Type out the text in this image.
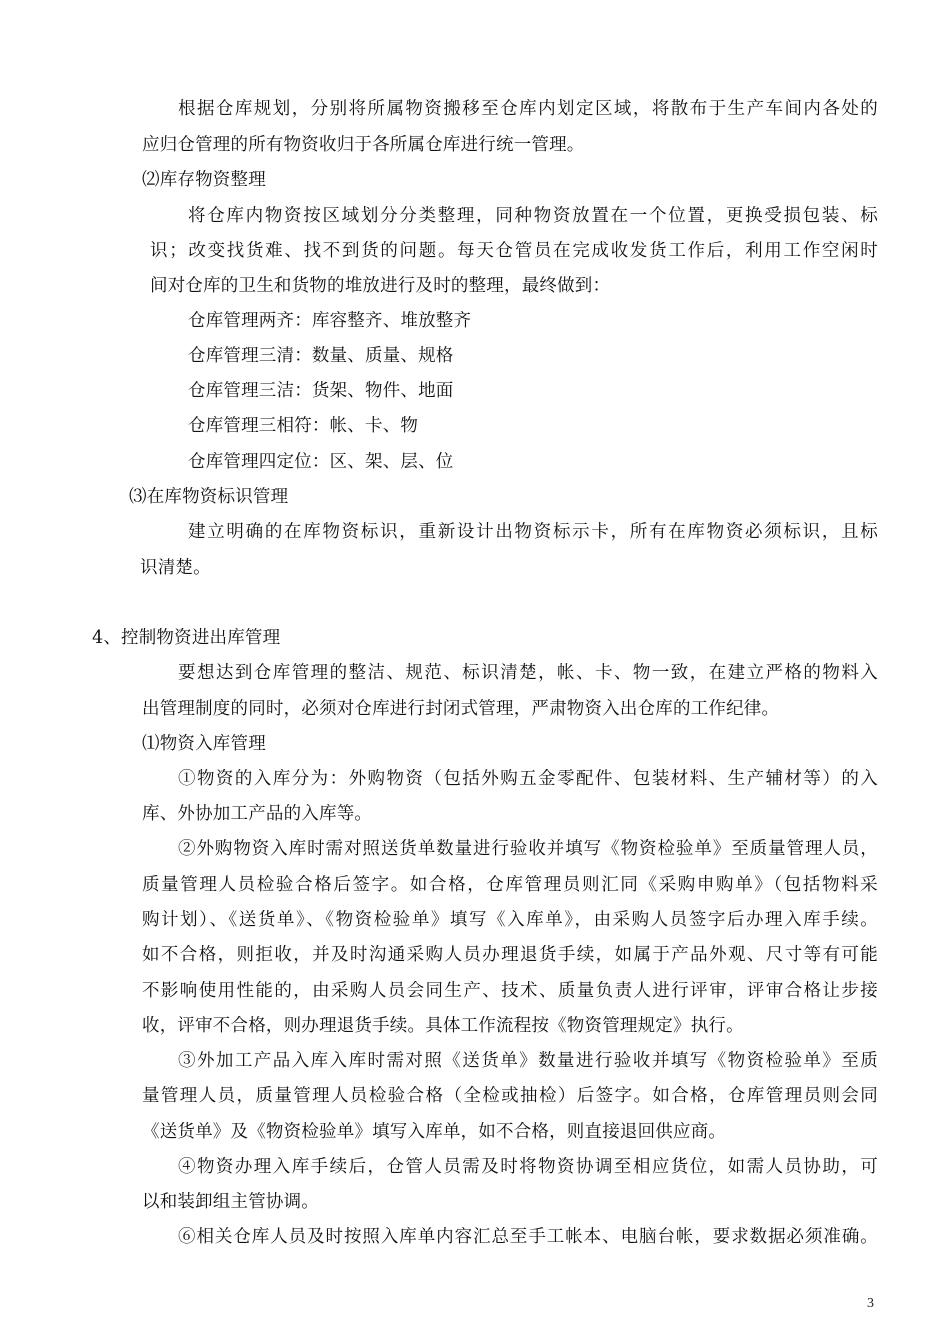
根据仓库规划，分别将所属物资搬移至仓库内划定区域，将散布于生产车间内各处的
应归仓管理的所有物资收归于各所属仓库进行统一管理。
⑵库存物资整理
将仓库内物资按区域划分分类整理，同种物资放置在一个位置，更换受损包装、标
识；改变找货难、找不到货的问题。每天仓管员在完成收发货工作后，利用工作空闲时
间对仓库的卫生和货物的堆放进行及时的整理，最终做到：
仓库管理两齐：库容整齐、堆放整齐
仓库管理三清：数量、质量、规格
仓库管理三洁：货架、物件、地面
仓库管理三相符：帐、卡、物
仓库管理四定位：区、架、层、位
⑶在库物资标识管理
建立明确的在库物资标识，重新设计出物资标示卡，所有在库物资必须标识，且标
识清楚。
4、控制物资进出库管理
要想达到仓库管理的整洁、规范、标识清楚，帐、卡、物一致，在建立严格的物料入
出管理制度的同时，必须对仓库进行封闭式管理，严肃物资入出仓库的工作纪律。
⑴物资入库管理
①物资的入库分为：外购物资（包括外购五金零配件、包装材料、生产辅材等）的入
库、外协加工产品的入库等。
②外购物资入库时需对照送货单数量进行验收并填写《物资检验单》至质量管理人员，
质量管理人员检验合格后签字。如合格，仓库管理员则汇同《采购申购单》（包括物料采
购计划）、《送货单》、《物资检验单》填写《入库单》，由采购人员签字后办理入库手续。
如不合格，则拒收，并及时沟通采购人员办理退货手续，如属于产品外观、尺寸等有可能
不影响使用性能的，由采购人员会同生产、技术、质量负责人进行评审，评审合格让步接
收，评审不合格，则办理退货手续。具体工作流程按《物资管理规定》执行。
③外加工产品入库入库时需对照《送货单》数量进行验收并填写《物资检验单》至质
量管理人员，质量管理人员检验合格（全检或抽检）后签字。如合格，仓库管理员则会同
《送货单》及《物资检验单》填写入库单，如不合格，则直接退回供应商。
④物资办理入库手续后，仓管人员需及时将物资协调至相应货位，如需人员协助，可
以和装卸组主管协调。
⑥相关仓库人员及时按照入库单内容汇总至手工帐本、电脑台帐，要求数据必须准确。
3
